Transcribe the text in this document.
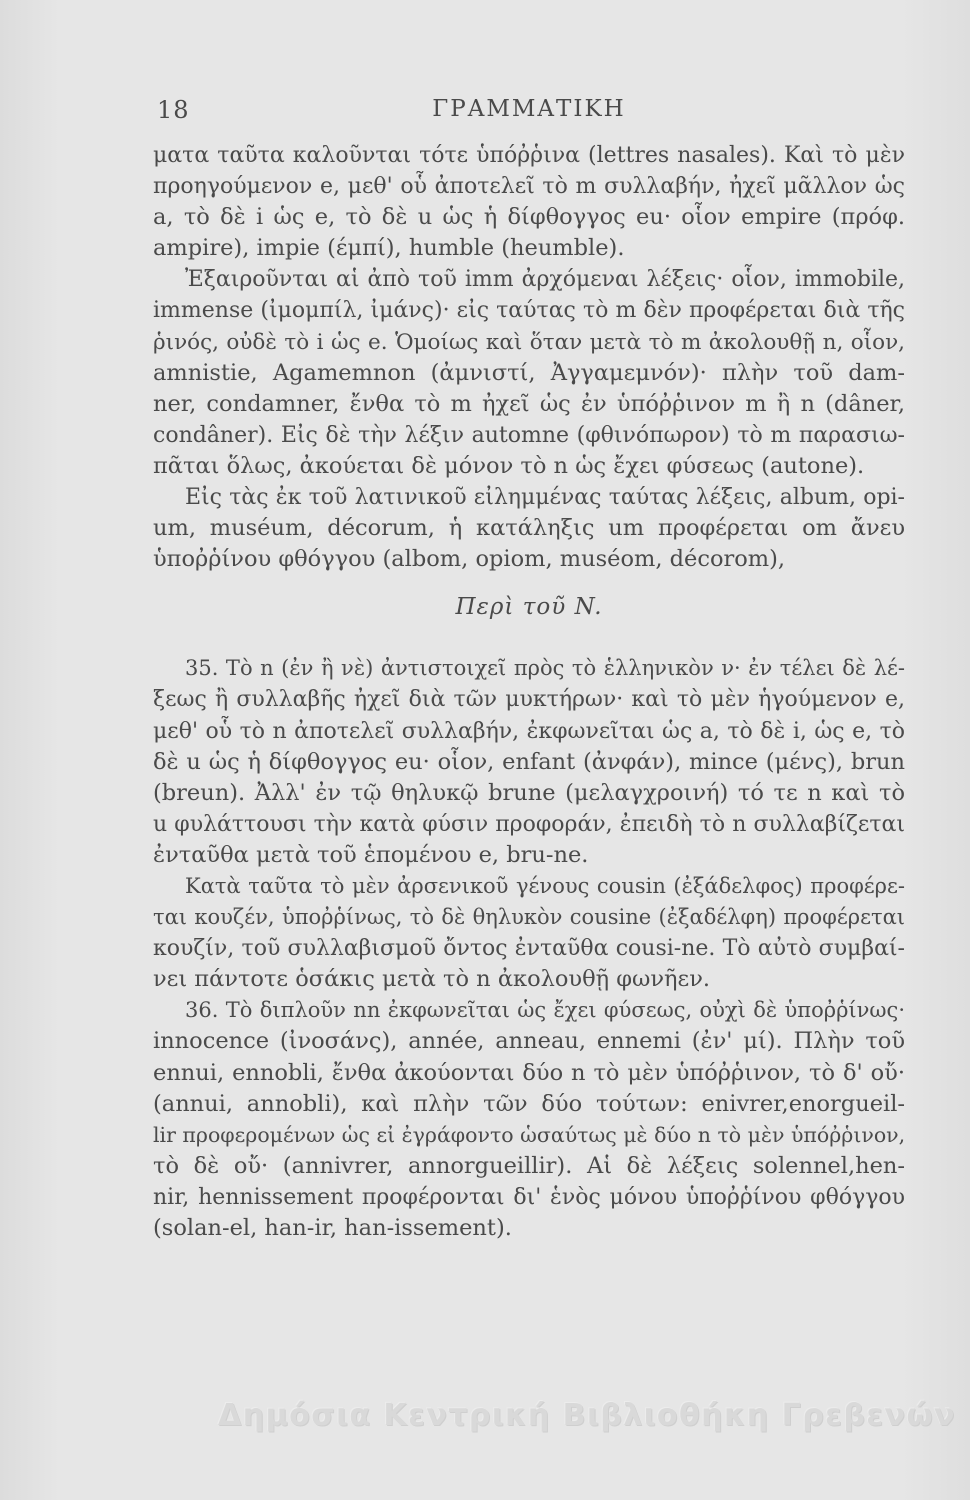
18	ΓΡΑΜΜΑΤΙΚΗ
ματα ταῦτα καλοῦνται τότε ὑπόῤῥινα (lettres nasales). Καὶ τὸ μὲν
προηγούμενον e, μεθ' οὗ ἀποτελεῖ τὸ m συλλαβήν, ἠχεῖ μᾶλλον ὡς
a, τὸ δὲ i ὡς e, τὸ δὲ u ὡς ἡ δίφθογγος eu· οἷον empire (πρόφ.
ampire), impie (έμπί), humble (heumble).
Ἐξαιροῦνται αἱ ἀπὸ τοῦ imm ἀρχόμεναι λέξεις· οἷον, immobile,
immense (ἰμομπίλ, ἰμάνς)· εἰς ταύτας τὸ m δὲν προφέρεται διὰ τῆς
ῥινός, οὐδὲ τὸ i ὡς e. Ὁμοίως καὶ ὅταν μετὰ τὸ m ἀκολουθῇ n, οἷον,
amnistie, Agamemnon (ἀμνιστί, Ἀγγαμεμνόν)· πλὴν τοῦ dam-
ner, condamner, ἔνθα τὸ m ἠχεῖ ὡς ἐν ὑπόῤῥινον m ἢ n (dâner,
condâner). Εἰς δὲ τὴν λέξιν automne (φθινόπωρον) τὸ m παρασιω-
πᾶται ὅλως, ἀκούεται δὲ μόνον τὸ n ὡς ἔχει φύσεως (autone).
Εἰς τὰς ἐκ τοῦ λατινικοῦ εἰλημμένας ταύτας λέξεις, album, opi-
um, muséum, décorum, ἡ κατάληξις um προφέρεται om ἄνευ
ὑποῤῥίνου φθόγγου (albom, opiom, muséom, décorom),
Περὶ τοῦ N.
35. Τὸ n (ἐν ἢ νὲ) ἀντιστοιχεῖ πρὸς τὸ ἑλληνικὸν ν· ἐν τέλει δὲ λέ-
ξεως ἢ συλλαβῆς ἠχεῖ διὰ τῶν μυκτήρων· καὶ τὸ μὲν ἡγούμενον e,
μεθ' οὗ τὸ n ἀποτελεῖ συλλαβήν, ἐκφωνεῖται ὡς a, τὸ δὲ i, ὡς e, τὸ
δὲ u ὡς ἡ δίφθογγος eu· οἷον, enfant (ἀνφάν), mince (μένς), brun
(breun). Ἀλλ' ἐν τῷ θηλυκῷ brune (μελαγχροινή) τό τε n καὶ τὸ
u φυλάττουσι τὴν κατὰ φύσιν προφοράν, ἐπειδὴ τὸ n συλλαβίζεται
ἐνταῦθα μετὰ τοῦ ἑπομένου e, bru-ne.
Κατὰ ταῦτα τὸ μὲν ἀρσενικοῦ γένους cousin (ἐξάδελφος) προφέρε-
ται κουζέν, ὑποῤῥίνως, τὸ δὲ θηλυκὸν cousine (ἐξαδέλφη) προφέρεται
κουζίν, τοῦ συλλαβισμοῦ ὄντος ἐνταῦθα cousi-ne. Τὸ αὐτὸ συμβαί-
νει πάντοτε ὁσάκις μετὰ τὸ n ἀκολουθῇ φωνῆεν.
36. Τὸ διπλοῦν nn ἐκφωνεῖται ὡς ἔχει φύσεως, οὐχὶ δὲ ὑποῤῥίνως·
innocence (ἰνοσάνς), année, anneau, ennemi (ἐν' μί). Πλὴν τοῦ
ennui, ennobli, ἔνθα ἀκούονται δύο n τὸ μὲν ὑπόῤῥινον, τὸ δ' οὔ·
(annui, annobli), καὶ πλὴν τῶν δύο τούτων: enivrer,enorgueil-
lir προφερομένων ὡς εἰ ἐγράφοντο ὡσαύτως μὲ δύο n τὸ μὲν ὑπόῤῥινον,
τὸ δὲ οὔ· (annivrer, annorgueillir). Αἱ δὲ λέξεις solennel,hen-
nir, hennissement προφέρονται δι' ἑνὸς μόνου ὑποῤῥίνου φθόγγου
(solan-el, han-ir, han-issement).
Δημόσια Κεντρική Βιβλιοθήκη Γρεβενών
